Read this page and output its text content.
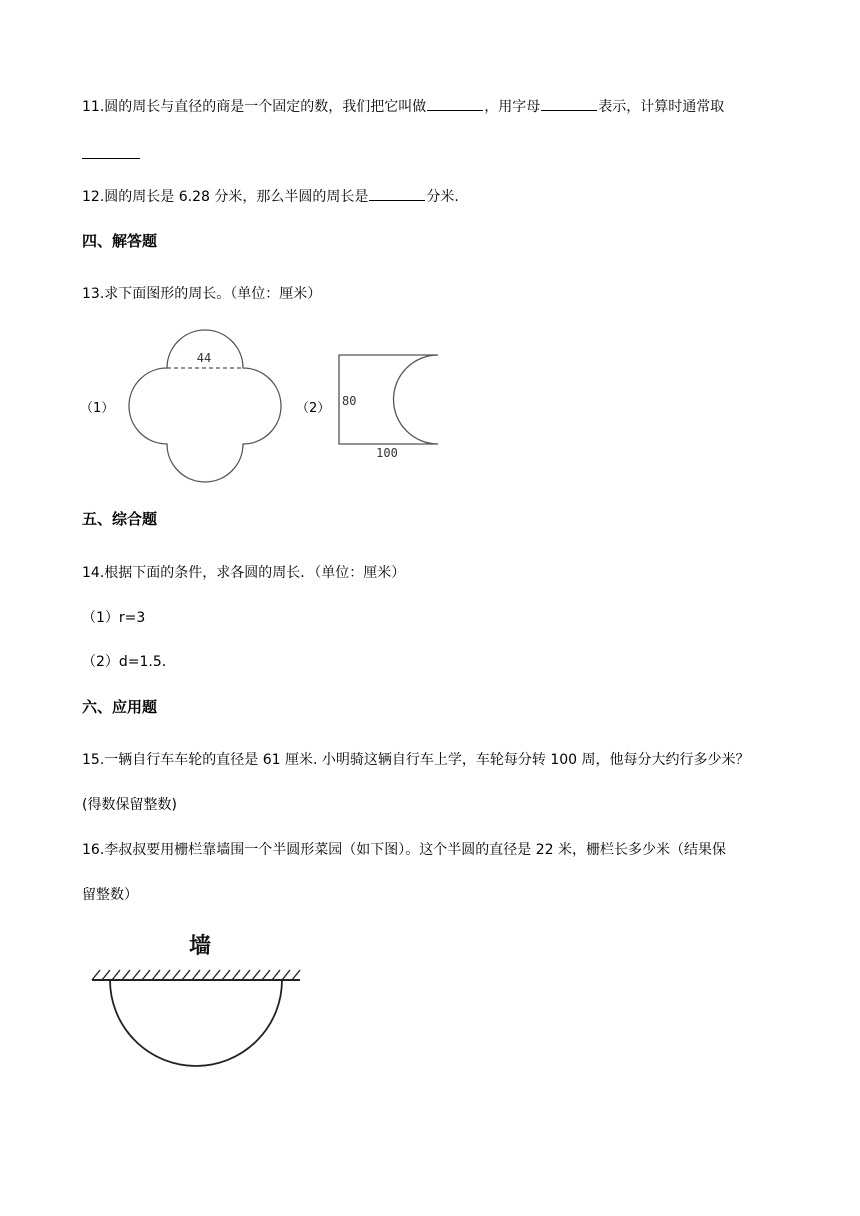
11.圆的周长与直径的商是一个固定的数，我们把它叫做	，用字母	表示，计算时通常取
12.圆的周长是 6.28 分米，那么半圆的周长是	分米.
四、解答题
13.求下面图形的周长。（单位：厘米）
（1）
44
（2） 80
100
五、综合题
14.根据下面的条件，求各圆的周长．（单位：厘米）
（1）r=3
（2）d=1.5．
六、应用题
15.一辆自行车车轮的直径是 61 厘米. 小明骑这辆自行车上学，车轮每分转 100 周，他每分大约行多少米？
(得数保留整数)
16.李叔叔要用栅栏靠墙围一个半圆形菜园（如下图）。这个半圆的直径是 22 米，栅栏长多少米（结果保
留整数）
墙
